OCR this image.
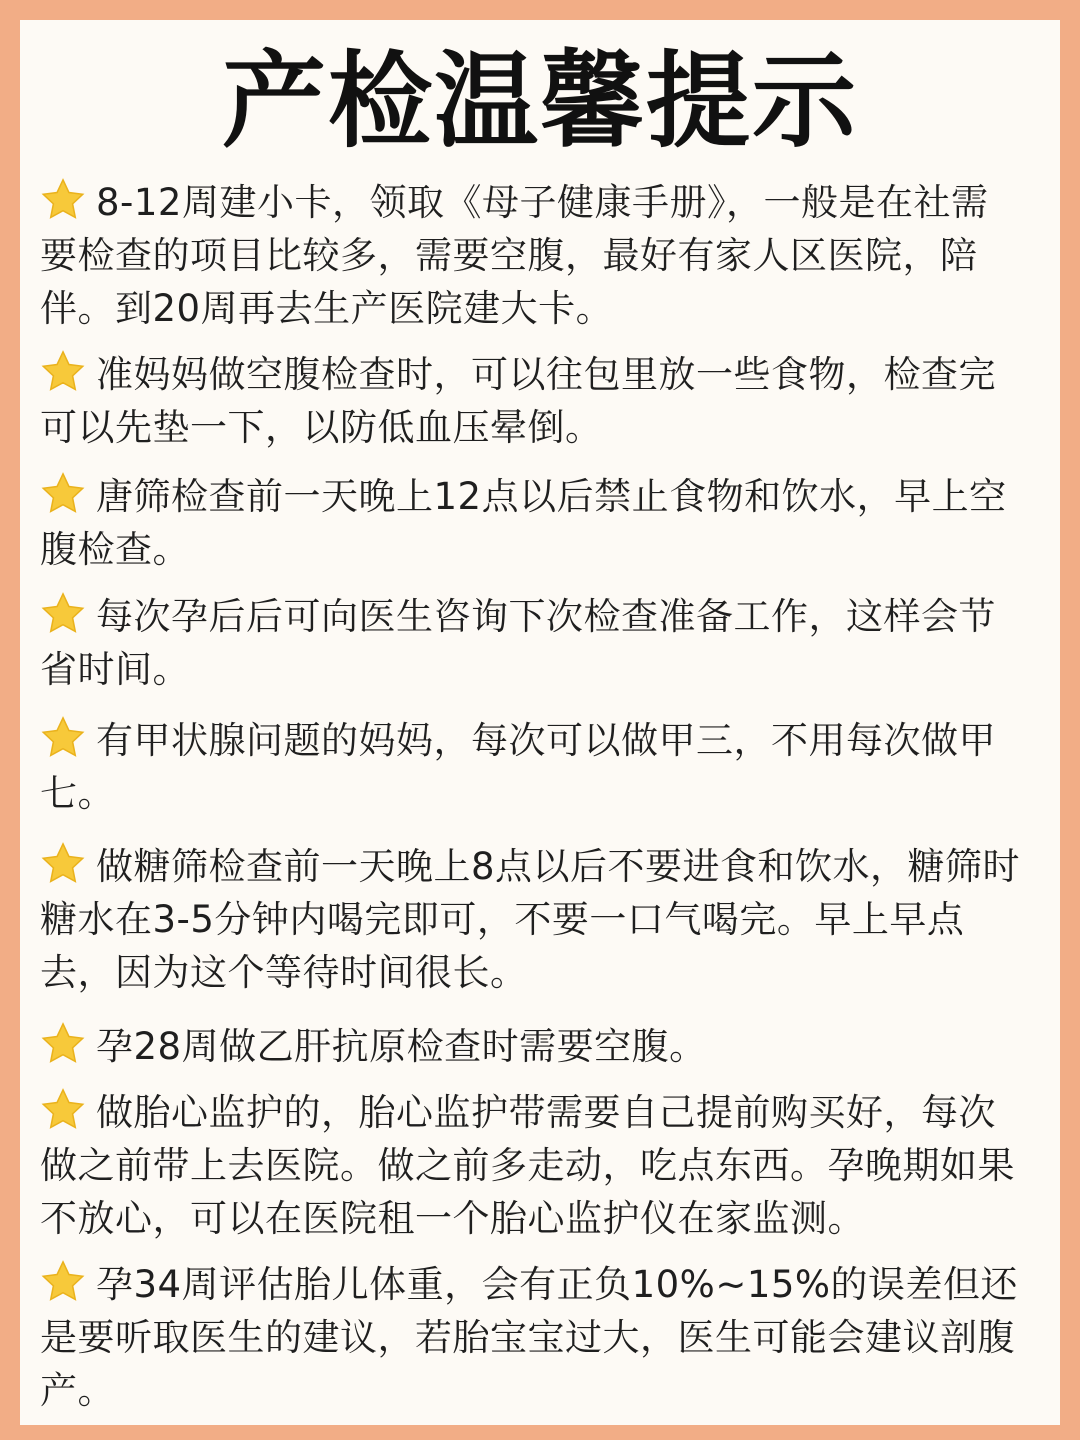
产检温馨提示
8-12周建小卡，领取《母子健康手册》，一般是在社需要检查的项目比较多，需要空腹，最好有家人区医院，陪伴。到20周再去生产医院建大卡。
准妈妈做空腹检查时，可以往包里放一些食物，检查完可以先垫一下，以防低血压晕倒。
唐筛检查前一天晚上12点以后禁止食物和饮水，早上空腹检查。
每次孕后后可向医生咨询下次检查准备工作，这样会节省时间。
有甲状腺问题的妈妈，每次可以做甲三，不用每次做甲七。
做糖筛检查前一天晚上8点以后不要进食和饮水，糖筛时糖水在3-5分钟内喝完即可，不要一口气喝完。早上早点去，因为这个等待时间很长。
孕28周做乙肝抗原检查时需要空腹。
做胎心监护的，胎心监护带需要自己提前购买好，每次做之前带上去医院。做之前多走动，吃点东西。孕晚期如果不放心，可以在医院租一个胎心监护仪在家监测。
孕34周评估胎儿体重，会有正负10%~15%的误差但还是要听取医生的建议，若胎宝宝过大，医生可能会建议剖腹产。
